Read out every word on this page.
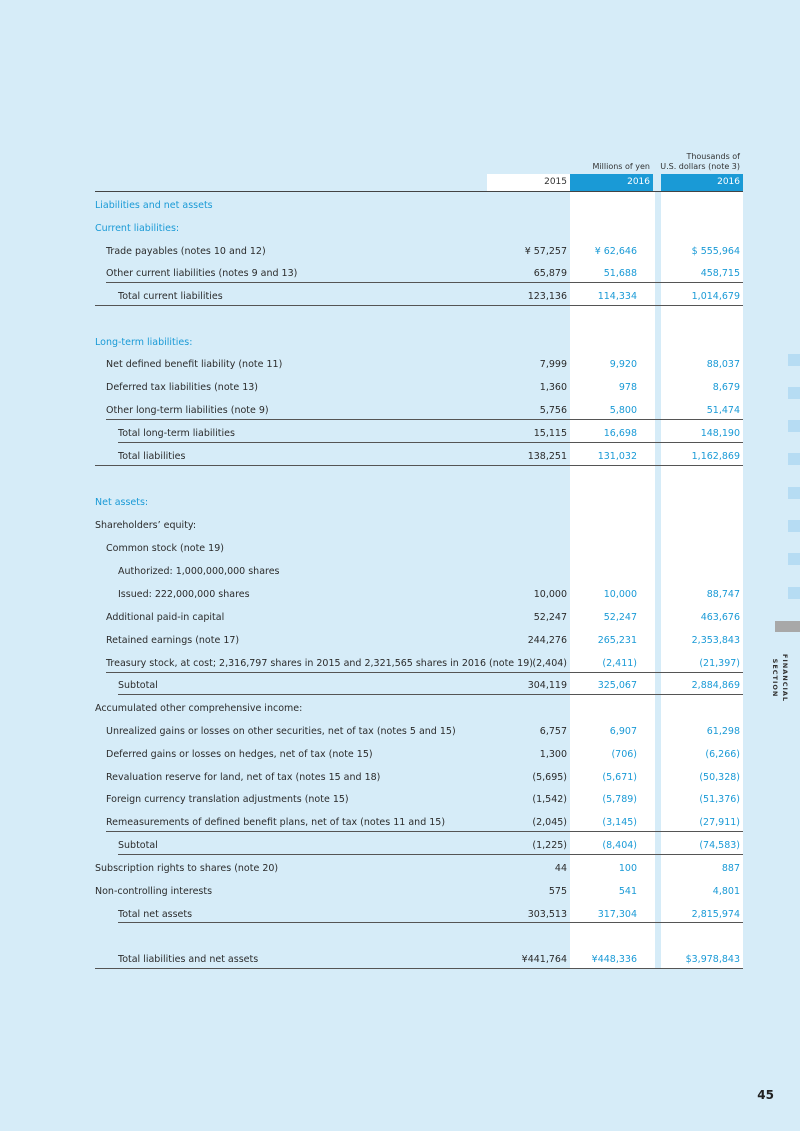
Millions of yen
Thousands of
U.S. dollars (note 3)
2015	2016	2016
Liabilities and net assets
Current liabilities:
Trade payables (notes 10 and 12)	¥ 57,257	¥ 62,646	$ 555,964
Other current liabilities (notes 9 and 13)	65,879	51,688	458,715
Total current liabilities	123,136	114,334	1,014,679
Long-term liabilities:
Net defined benefit liability (note 11)	7,999	9,920	88,037
Deferred tax liabilities (note 13)	1,360	978	8,679
Other long-term liabilities (note 9)	5,756	5,800	51,474
Total long-term liabilities	15,115	16,698	148,190
Total liabilities	138,251	131,032	1,162,869
Net assets:
Shareholders’ equity:
Common stock (note 19)
Authorized: 1,000,000,000 shares
Issued: 222,000,000 shares	10,000	10,000	88,747
Additional paid-in capital	52,247	52,247	463,676
Retained earnings (note 17)	244,276	265,231	2,353,843
Treasury stock, at cost; 2,316,797 shares in 2015 and 2,321,565 shares in 2016 (note 19) (2,404)	(2,411)	(21,397)
Subtotal	304,119	325,067	2,884,869
Accumulated other comprehensive income:
Unrealized gains or losses on other securities, net of tax (notes 5 and 15)	6,757	6,907	61,298
Deferred gains or losses on hedges, net of tax (note 15)	1,300	(706)	(6,266)
Revaluation reserve for land, net of tax (notes 15 and 18)	(5,695)	(5,671)	(50,328)
Foreign currency translation adjustments (note 15)	(1,542)	(5,789)	(51,376)
Remeasurements of defined benefit plans, net of tax (notes 11 and 15)	(2,045)	(3,145)	(27,911)
Subtotal	(1,225)	(8,404)	(74,583)
Subscription rights to shares (note 20)	44	100	887
Non-controlling interests	575	541	4,801
Total net assets	303,513	317,304	2,815,974
Total liabilities and net assets	¥441,764	¥448,336	$3,978,843
FINANCIAL SECTION
45
